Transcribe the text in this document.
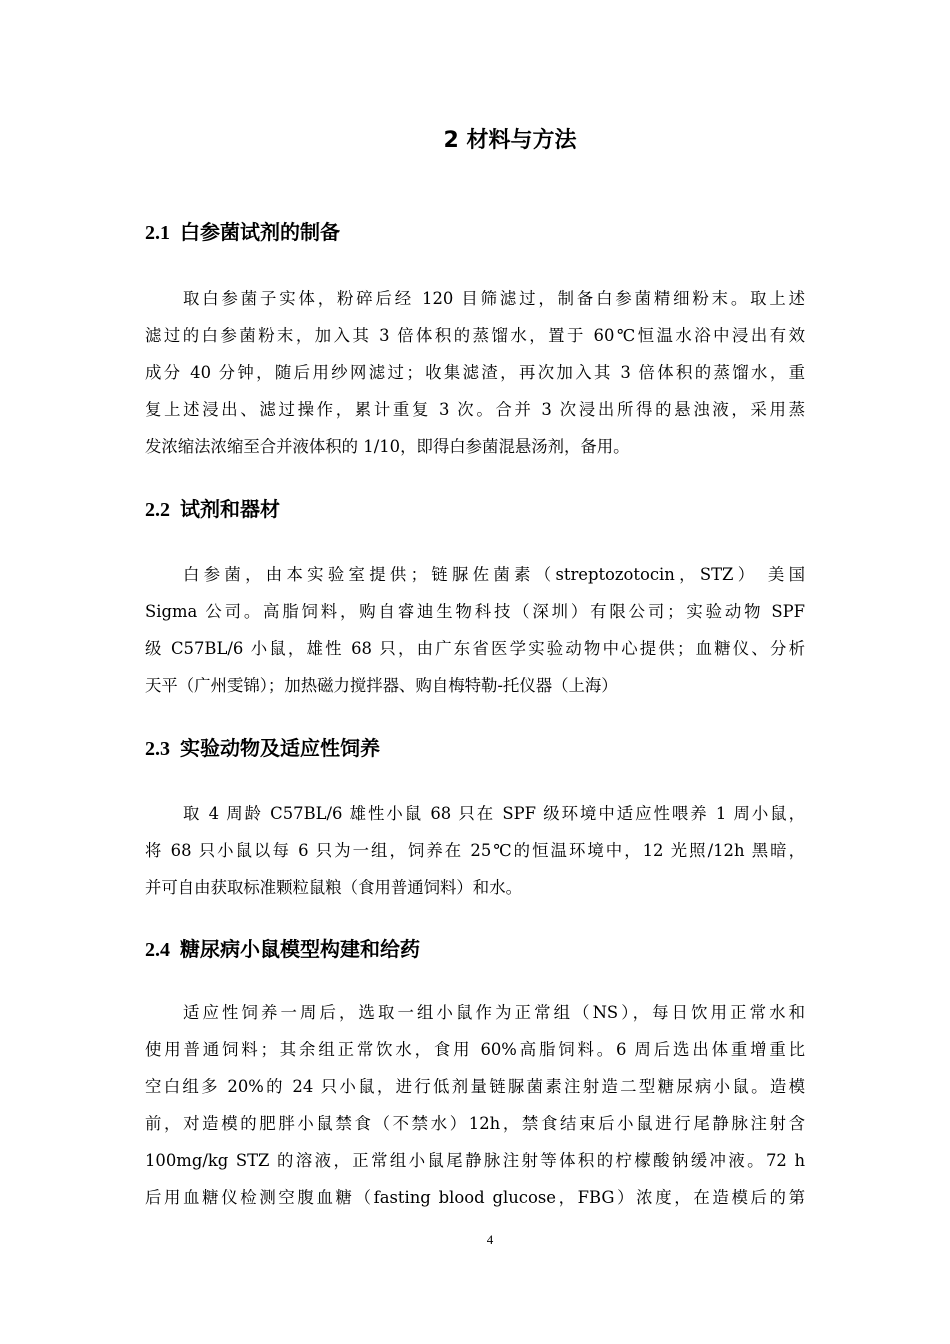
2 材料与方法
2.1 白参菌试剂的制备
取白参菌子实体，粉碎后经 120 目筛滤过，制备白参菌精细粉末。取上述
滤过的白参菌粉末，加入其 3 倍体积的蒸馏水，置于 60℃恒温水浴中浸出有效
成分 40 分钟，随后用纱网滤过；收集滤渣，再次加入其 3 倍体积的蒸馏水，重
复上述浸出、滤过操作，累计重复 3 次。合并 3 次浸出所得的悬浊液，采用蒸
发浓缩法浓缩至合并液体积的 1/10，即得白参菌混悬汤剂，备用。
2.2 试剂和器材
白参菌，由本实验室提供；链脲佐菌素（streptozotocin，STZ） 美国
Sigma 公司。高脂饲料，购自睿迪生物科技（深圳）有限公司；实验动物 SPF
级 C57BL/6 小鼠，雄性 68 只，由广东省医学实验动物中心提供；血糖仪、分析
天平（广州雯锦）；加热磁力搅拌器、购自梅特勒-托仪器（上海）
2.3 实验动物及适应性饲养
取 4 周龄 C57BL/6 雄性小鼠 68 只在 SPF 级环境中适应性喂养 1 周小鼠，
将 68 只小鼠以每 6 只为一组，饲养在 25℃的恒温环境中，12 光照/12h 黑暗，
并可自由获取标准颗粒鼠粮（食用普通饲料）和水。
2.4 糖尿病小鼠模型构建和给药
适应性饲养一周后，选取一组小鼠作为正常组（NS），每日饮用正常水和
使用普通饲料；其余组正常饮水，食用 60%高脂饲料。6 周后选出体重增重比
空白组多 20%的 24 只小鼠，进行低剂量链脲菌素注射造二型糖尿病小鼠。造模
前，对造模的肥胖小鼠禁食（不禁水）12h，禁食结束后小鼠进行尾静脉注射含
100mg/kg STZ 的溶液，正常组小鼠尾静脉注射等体积的柠檬酸钠缓冲液。72 h
后用血糖仪检测空腹血糖（fasting blood glucose，FBG）浓度，在造模后的第
4
